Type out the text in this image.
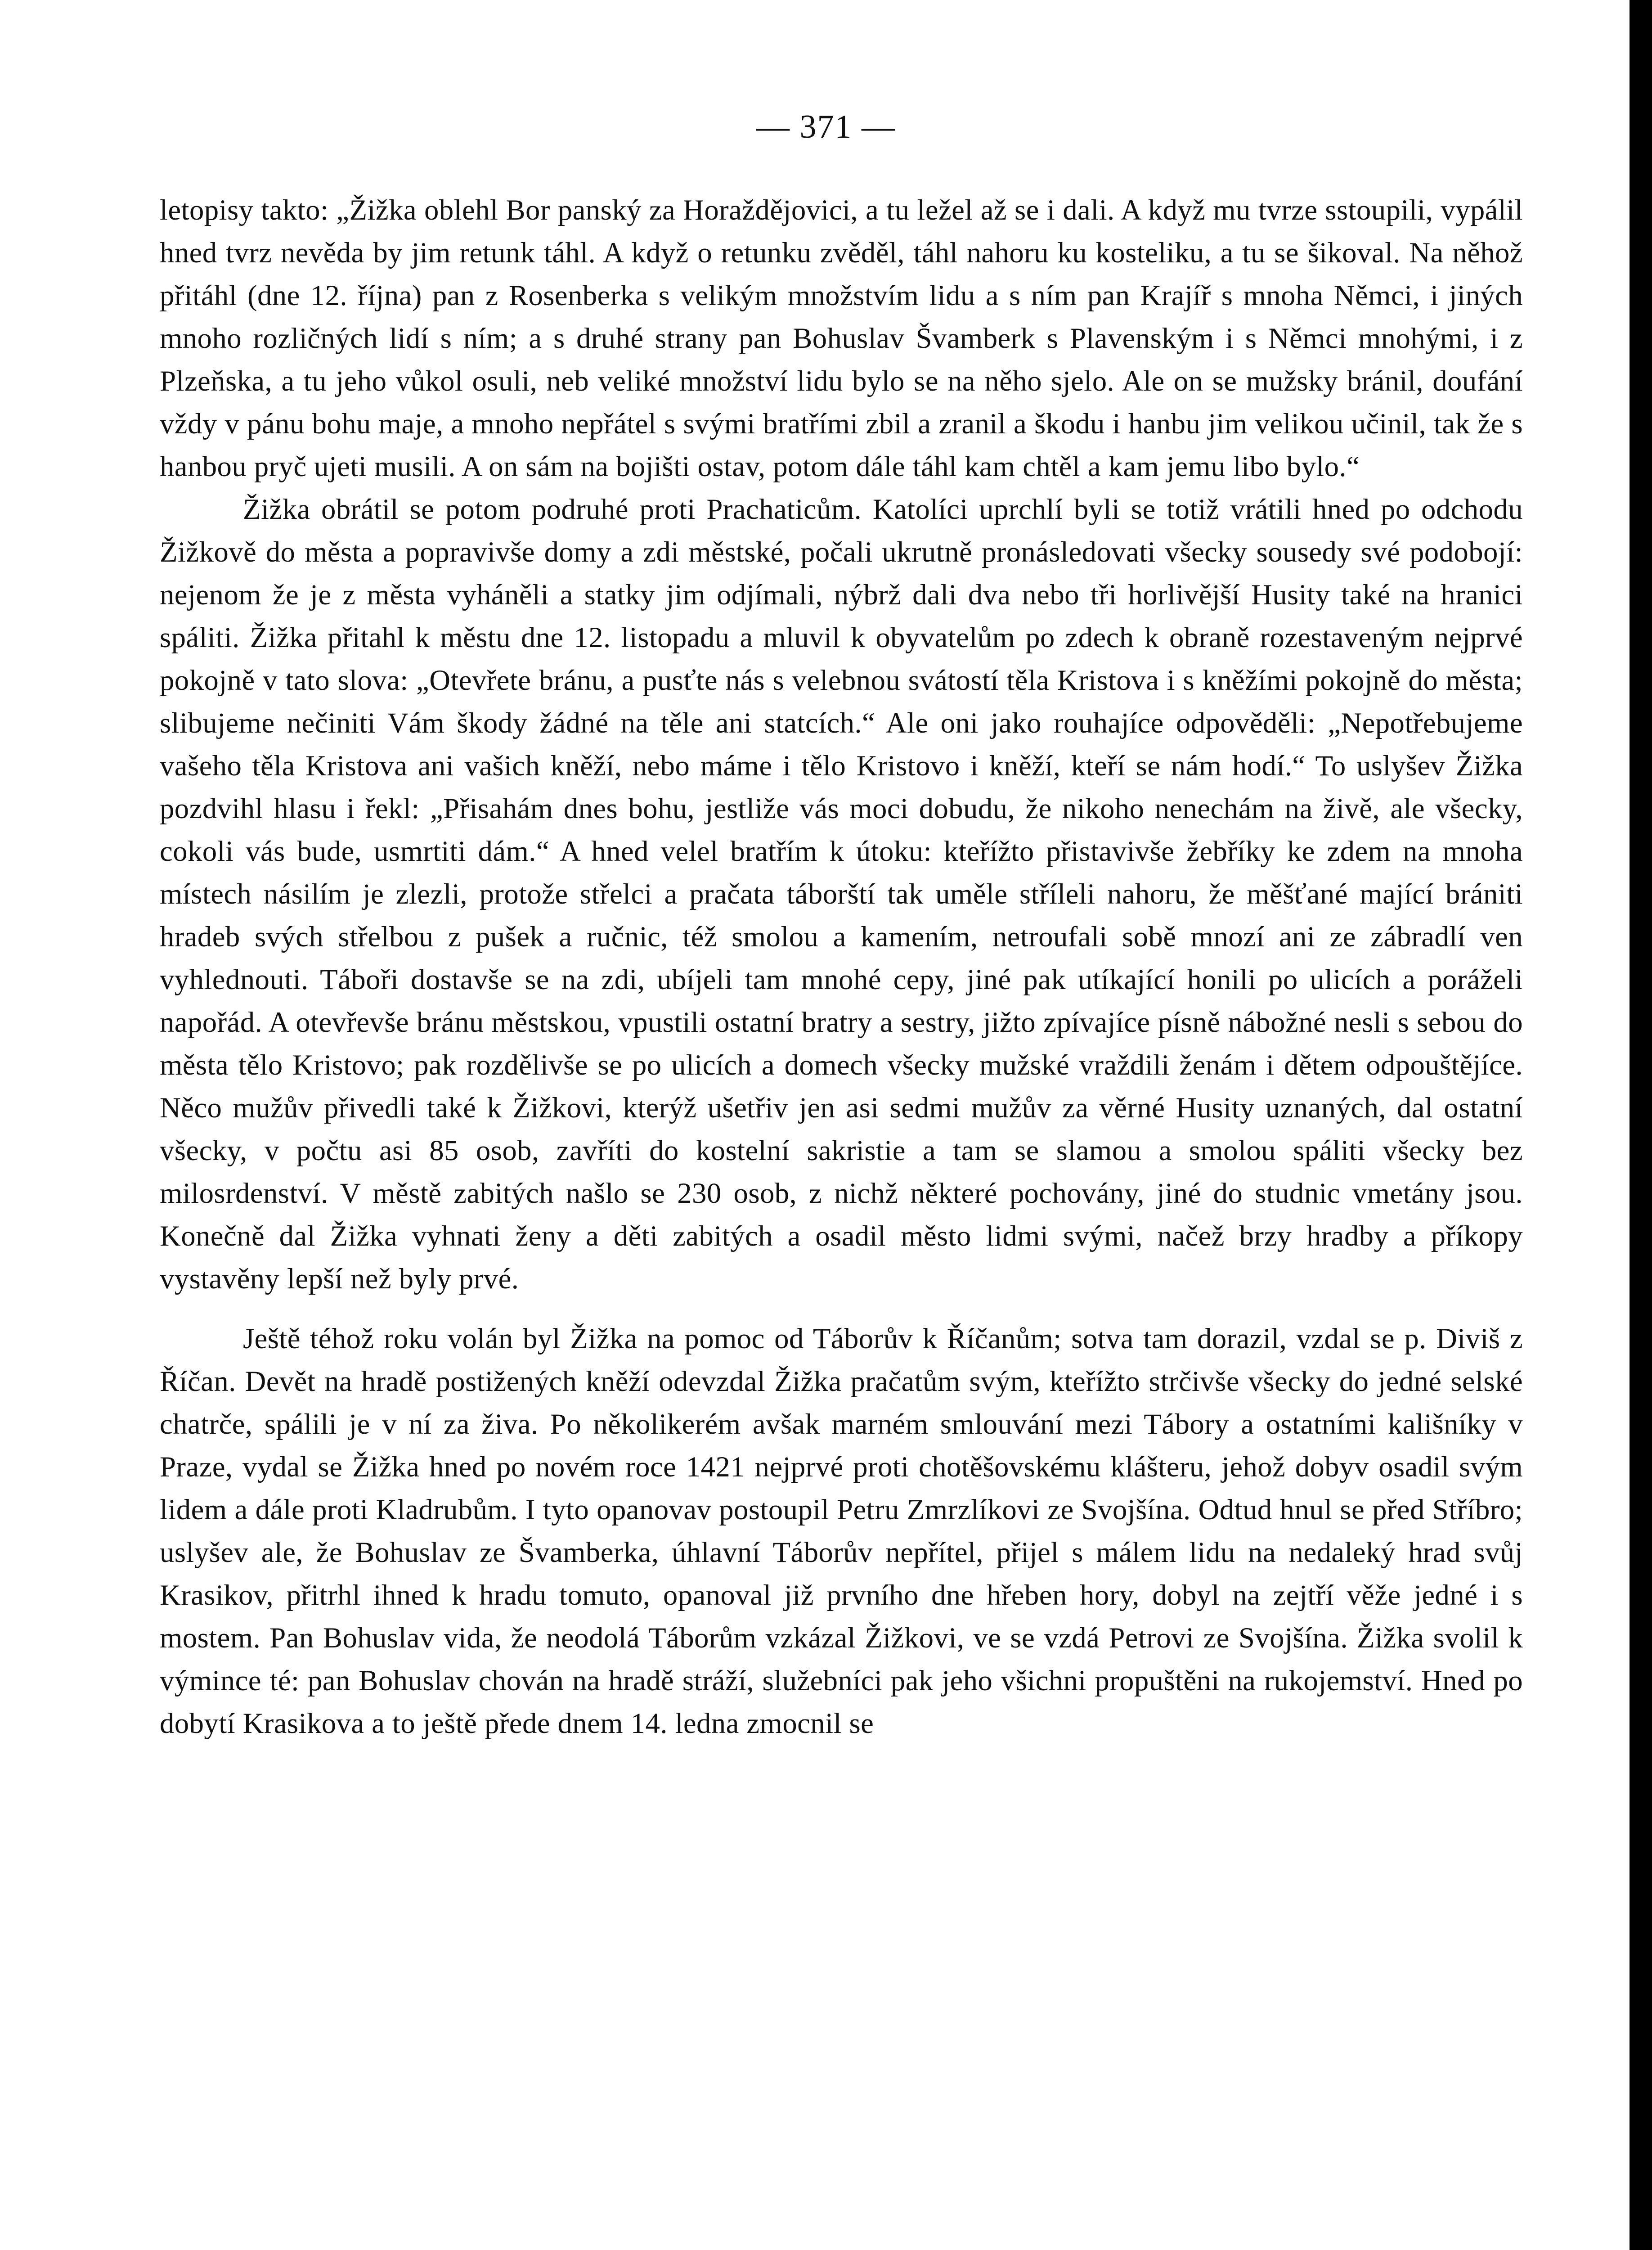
— 371 —

letopisy takto: „Žižka oblehl Bor panský za Horaždějovici, a tu ležel až se i dali. A když mu tvrze sstoupili, vypálil hned tvrz nevěda by jim retunk táhl. A když o retunku zvěděl, táhl nahoru ku kosteliku, a tu se šikoval. Na něhož přitáhl (dne 12. října) pan z Rosenberka s velikým množstvím lidu a s ním pan Krajíř s mnoha Němci, i jiných mnoho rozličných lidí s ním; a s druhé strany pan Bohuslav Švamberk s Plavenským i s Němci mnohými, i z Plzeňska, a tu jeho vůkol osuli, neb veliké množství lidu bylo se na něho sjelo. Ale on se mužsky bránil, doufání vždy v pánu bohu maje, a mnoho nepřátel s svými bratřími zbil a zranil a škodu i hanbu jim velikou učinil, tak že s hanbou pryč ujeti musili. A on sám na bojišti ostav, potom dále táhl kam chtěl a kam jemu libo bylo.“

Žižka obrátil se potom podruhé proti Prachaticům. Katolíci uprchlí byli se totiž vrátili hned po odchodu Žižkově do města a popravivše domy a zdi městské, počali ukrutně pronásledovati všecky sousedy své podobojí: nejenom že je z města vyháněli a statky jim odjímali, nýbrž dali dva nebo tři horlivější Husity také na hranici spáliti. Žižka přitahl k městu dne 12. listopadu a mluvil k obyvatelům po zdech k obraně rozestaveným nejprvé pokojně v tato slova: „Otevřete bránu, a pusťte nás s velebnou svátostí těla Kristova i s kněžími pokojně do města; slibujeme nečiniti Vám škody žádné na těle ani statcích.“ Ale oni jako rouhajíce odpověděli: „Nepotřebujeme vašeho těla Kristova ani vašich kněží, nebo máme i tělo Kristovo i kněží, kteří se nám hodí.“ To uslyšev Žižka pozdvihl hlasu i řekl: „Přisahám dnes bohu, jestliže vás moci dobudu, že nikoho nenechám na živě, ale všecky, cokoli vás bude, usmrtiti dám.“ A hned velel bratřím k útoku: kteřížto přistavivše žebříky ke zdem na mnoha místech násilím je zlezli, protože střelci a pračata táborští tak uměle stříleli nahoru, že měšťané mající brániti hradeb svých střelbou z pušek a ručnic, též smolou a kamením, netroufali sobě mnozí ani ze zábradlí ven vyhlednouti. Táboři dostavše se na zdi, ubíjeli tam mnohé cepy, jiné pak utíkající honili po ulicích a poráželi napořád. A otevřevše bránu městskou, vpustili ostatní bratry a sestry, jižto zpívajíce písně nábožné nesli s sebou do města tělo Kristovo; pak rozdělivše se po ulicích a domech všecky mužské vraždili ženám i dětem odpouštějíce. Něco mužův přivedli také k Žižkovi, kterýž ušetřiv jen asi sedmi mužův za věrné Husity uznaných, dal ostatní všecky, v počtu asi 85 osob, zavříti do kostelní sakristie a tam se slamou a smolou spáliti všecky bez milosrdenství. V městě zabitých našlo se 230 osob, z nichž některé pochovány, jiné do studnic vmetány jsou. Konečně dal Žižka vyhnati ženy a děti zabitých a osadil město lidmi svými, načež brzy hradby a příkopy vystavěny lepší než byly prvé.

Ještě téhož roku volán byl Žižka na pomoc od Táborův k Říčanům; sotva tam dorazil, vzdal se p. Diviš z Říčan. Devět na hradě postižených kněží odevzdal Žižka pračatům svým, kteřížto strčivše všecky do jedné selské chatrče, spálili je v ní za živa. Po několikerém avšak marném smlouvání mezi Tábory a ostatními kališníky v Praze, vydal se Žižka hned po novém roce 1421 nejprvé proti chotěšovskému klášteru, jehož dobyv osadil svým lidem a dále proti Kladrubům. I tyto opanovav postoupil Petru Zmrzlíkovi ze Svojšína. Odtud hnul se před Stříbro; uslyšev ale, že Bohuslav ze Švamberka, úhlavní Táborův nepřítel, přijel s málem lidu na nedaleký hrad svůj Krasikov, přitrhl ihned k hradu tomuto, opanoval již prvního dne hřeben hory, dobyl na zejtří věže jedné i s mostem. Pan Bohuslav vida, že neodolá Táborům vzkázal Žižkovi, ve se vzdá Petrovi ze Svojšína. Žižka svolil k výmince té: pan Bohuslav chován na hradě stráží, služebníci pak jeho všichni propuštěni na rukojemství. Hned po dobytí Krasikova a to ještě přede dnem 14. ledna zmocnil se
